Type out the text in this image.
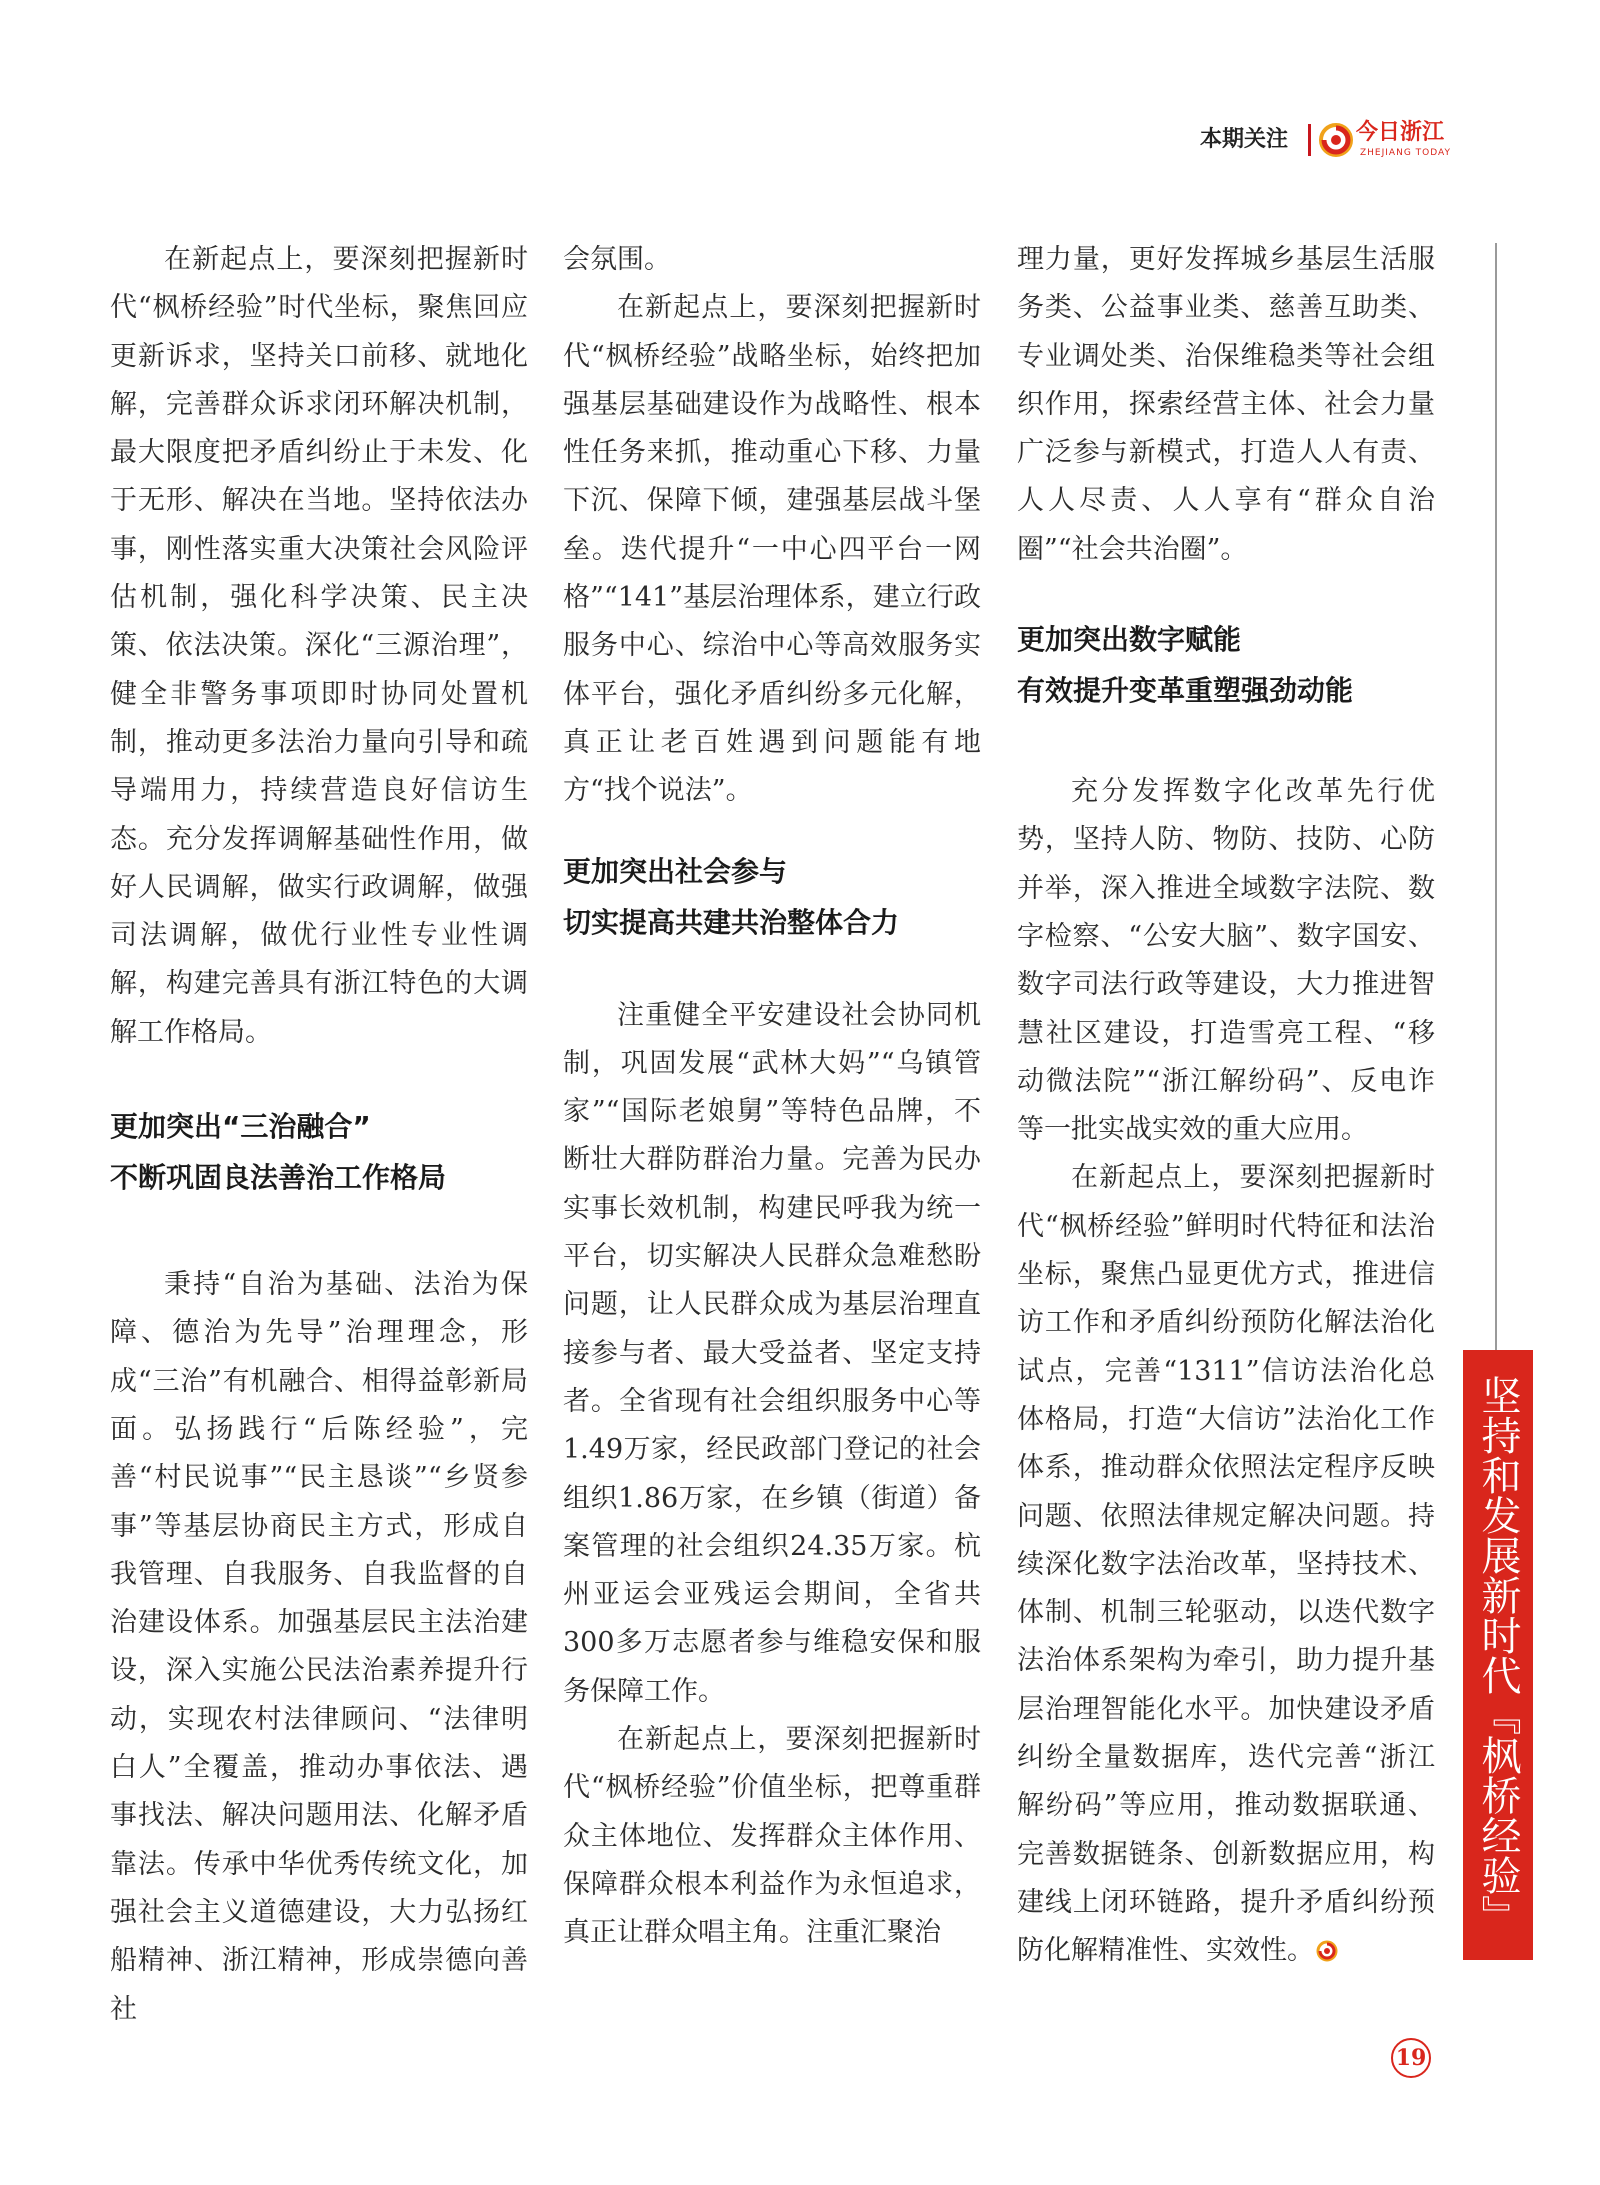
本期关注	今日浙江
ZHEJIANG TODAY

在新起点上，要深刻把握新时代“枫桥经验”时代坐标，聚焦回应更新诉求，坚持关口前移、就地化解，完善群众诉求闭环解决机制，最大限度把矛盾纠纷止于未发、化于无形、解决在当地。坚持依法办事，刚性落实重大决策社会风险评估机制，强化科学决策、民主决策、依法决策。深化“三源治理”，健全非警务事项即时协同处置机制，推动更多法治力量向引导和疏导端用力，持续营造良好信访生态。充分发挥调解基础性作用，做好人民调解，做实行政调解，做强司法调解，做优行业性专业性调解，构建完善具有浙江特色的大调解工作格局。

更加突出“三治融合”
不断巩固良法善治工作格局

秉持“自治为基础、法治为保障、德治为先导”治理理念，形成“三治”有机融合、相得益彰新局面。弘扬践行“后陈经验”，完善“村民说事”“民主恳谈”“乡贤参事”等基层协商民主方式，形成自我管理、自我服务、自我监督的自治建设体系。加强基层民主法治建设，深入实施公民法治素养提升行动，实现农村法律顾问、“法律明白人”全覆盖，推动办事依法、遇事找法、解决问题用法、化解矛盾靠法。传承中华优秀传统文化，加强社会主义道德建设，大力弘扬红船精神、浙江精神，形成崇德向善社

会氛围。

在新起点上，要深刻把握新时代“枫桥经验”战略坐标，始终把加强基层基础建设作为战略性、根本性任务来抓，推动重心下移、力量下沉、保障下倾，建强基层战斗堡垒。迭代提升“一中心四平台一网格”“141”基层治理体系，建立行政服务中心、综治中心等高效服务实体平台，强化矛盾纠纷多元化解，真正让老百姓遇到问题能有地方“找个说法”。

更加突出社会参与
切实提高共建共治整体合力

注重健全平安建设社会协同机制，巩固发展“武林大妈”“乌镇管家”“国际老娘舅”等特色品牌，不断壮大群防群治力量。完善为民办实事长效机制，构建民呼我为统一平台，切实解决人民群众急难愁盼问题，让人民群众成为基层治理直接参与者、最大受益者、坚定支持者。全省现有社会组织服务中心等1.49万家，经民政部门登记的社会组织1.86万家，在乡镇（街道）备案管理的社会组织24.35万家。杭州亚运会亚残运会期间，全省共300多万志愿者参与维稳安保和服务保障工作。

在新起点上，要深刻把握新时代“枫桥经验”价值坐标，把尊重群众主体地位、发挥群众主体作用、保障群众根本利益作为永恒追求，真正让群众唱主角。注重汇聚治

理力量，更好发挥城乡基层生活服务类、公益事业类、慈善互助类、专业调处类、治保维稳类等社会组织作用，探索经营主体、社会力量广泛参与新模式，打造人人有责、人人尽责、人人享有“群众自治圈”“社会共治圈”。

更加突出数字赋能
有效提升变革重塑强劲动能

充分发挥数字化改革先行优势，坚持人防、物防、技防、心防并举，深入推进全域数字法院、数字检察、“公安大脑”、数字国安、数字司法行政等建设，大力推进智慧社区建设，打造雪亮工程、“移动微法院”“浙江解纷码”、反电诈等一批实战实效的重大应用。

在新起点上，要深刻把握新时代“枫桥经验”鲜明时代特征和法治坐标，聚焦凸显更优方式，推进信访工作和矛盾纠纷预防化解法治化试点，完善“1311”信访法治化总体格局，打造“大信访”法治化工作体系，推动群众依照法定程序反映问题、依照法律规定解决问题。持续深化数字法治改革，坚持技术、体制、机制三轮驱动，以迭代数字法治体系架构为牵引，助力提升基层治理智能化水平。加快建设矛盾纠纷全量数据库，迭代完善“浙江解纷码”等应用，推动数据联通、完善数据链条、创新数据应用，构建线上闭环链路，提升矛盾纠纷预防化解精准性、实效性。

坚持和发展新时代『枫桥经验』
19
